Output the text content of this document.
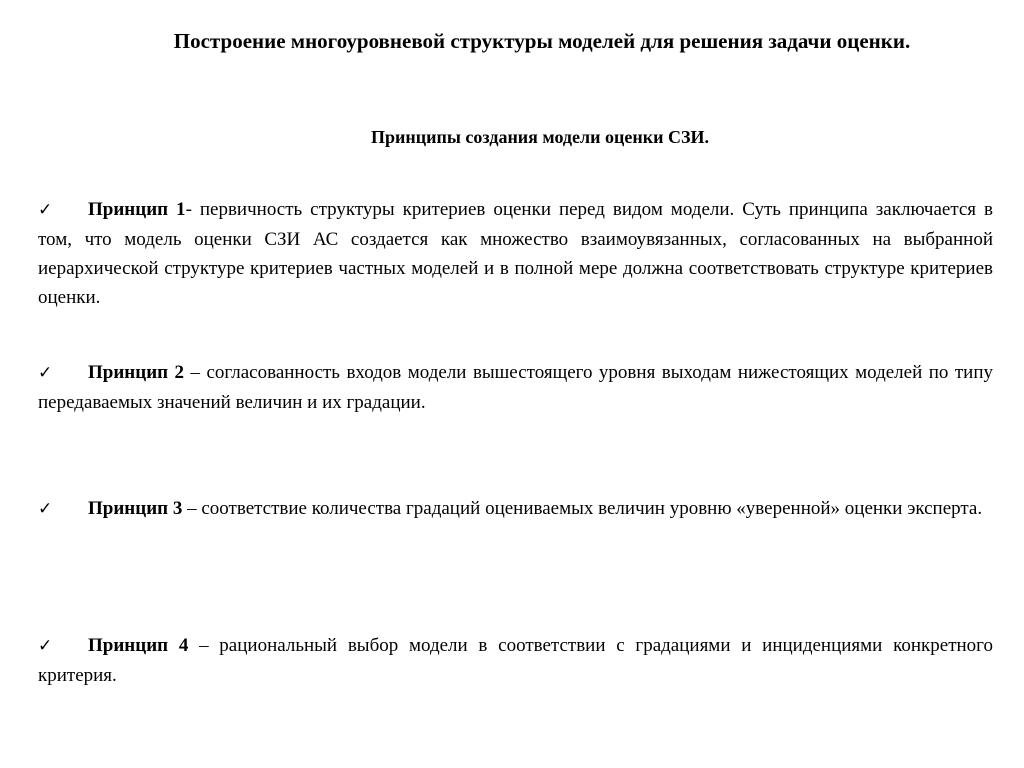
Построение многоуровневой структуры моделей для решения задачи оценки.
Принципы создания модели оценки СЗИ.
✓ Принцип 1- первичность структуры критериев оценки перед видом модели. Суть принципа заключается в том, что модель оценки СЗИ АС создается как множество взаимоувязанных, согласованных на выбранной иерархической структуре критериев частных моделей и в полной мере должна соответствовать структуре критериев оценки.
✓ Принцип 2 – согласованность входов модели вышестоящего уровня выходам нижестоящих моделей по типу передаваемых значений величин и их градации.
✓ Принцип 3 – соответствие количества градаций оцениваемых величин уровню «уверенной» оценки эксперта.
✓ Принцип 4 – рациональный выбор модели в соответствии с градациями и инциденциями конкретного критерия.
